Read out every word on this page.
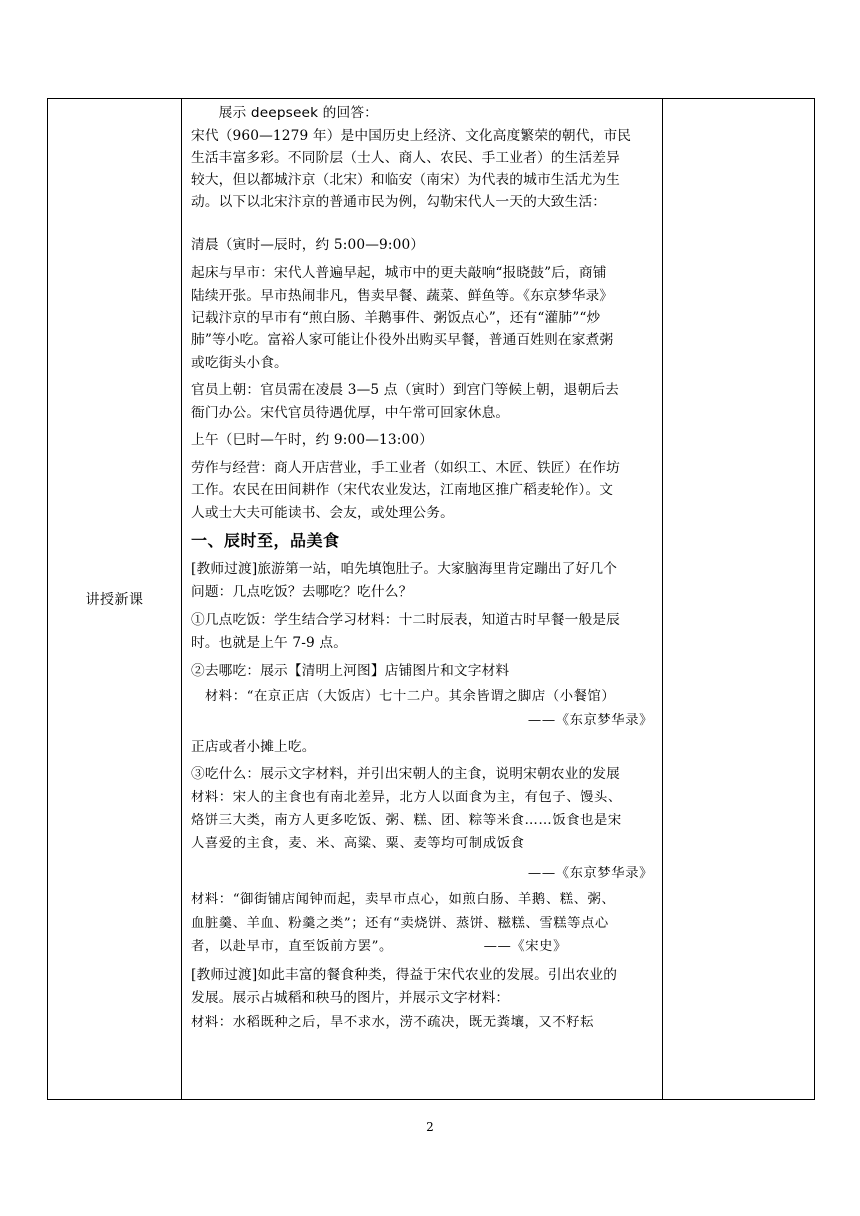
讲授新课	
　　展示 deepseek 的回答：
宋代（960—1279 年）是中国历史上经济、文化高度繁荣的朝代，市民
生活丰富多彩。不同阶层（士人、商人、农民、手工业者）的生活差异
较大，但以都城汴京（北宋）和临安（南宋）为代表的城市生活尤为生
动。以下以北宋汴京的普通市民为例，勾勒宋代人一天的大致生活：
清晨（寅时—辰时，约 5:00—9:00）
起床与早市：宋代人普遍早起，城市中的更夫敲响“报晓鼓”后，商铺
陆续开张。早市热闹非凡，售卖早餐、蔬菜、鲜鱼等。《东京梦华录》
记载汴京的早市有“煎白肠、羊鹅事件、粥饭点心”，还有“灌肺”“炒
肺”等小吃。富裕人家可能让仆役外出购买早餐，普通百姓则在家煮粥
或吃街头小食。
官员上朝：官员需在凌晨 3—5 点（寅时）到宫门等候上朝，退朝后去
衙门办公。宋代官员待遇优厚，中午常可回家休息。
上午（巳时—午时，约 9:00—13:00）
劳作与经营：商人开店营业，手工业者（如织工、木匠、铁匠）在作坊
工作。农民在田间耕作（宋代农业发达，江南地区推广稻麦轮作）。文
人或士大夫可能读书、会友，或处理公务。
一、辰时至，品美食
[教师过渡]旅游第一站，咱先填饱肚子。大家脑海里肯定蹦出了好几个
问题：几点吃饭？去哪吃？吃什么？
①几点吃饭：学生结合学习材料：十二时辰表，知道古时早餐一般是辰
时。也就是上午 7-9 点。
②去哪吃：展示【清明上河图】店铺图片和文字材料
　材料：“在京正店（大饭店）七十二户。其余皆谓之脚店（小餐馆）
——《东京梦华录》
正店或者小摊上吃。
③吃什么：展示文字材料，并引出宋朝人的主食，说明宋朝农业的发展
材料：宋人的主食也有南北差异，北方人以面食为主，有包子、馒头、
烙饼三大类，南方人更多吃饭、粥、糕、团、粽等米食……饭食也是宋
人喜爱的主食，麦、米、高粱、粟、麦等均可制成饭食
——《东京梦华录》
材料：“御街铺店闻钟而起，卖早市点心，如煎白肠、羊鹅、糕、粥、
血脏羹、羊血、粉羹之类”；还有“卖烧饼、蒸饼、糍糕、雪糕等点心
者，以赴早市，直至饭前方罢”。　　　　　　　——《宋史》
[教师过渡]如此丰富的餐食种类，得益于宋代农业的发展。引出农业的
发展。展示占城稻和秧马的图片，并展示文字材料：
材料：水稻既种之后，旱不求水，涝不疏决，既无粪壤，又不籽耘

2
